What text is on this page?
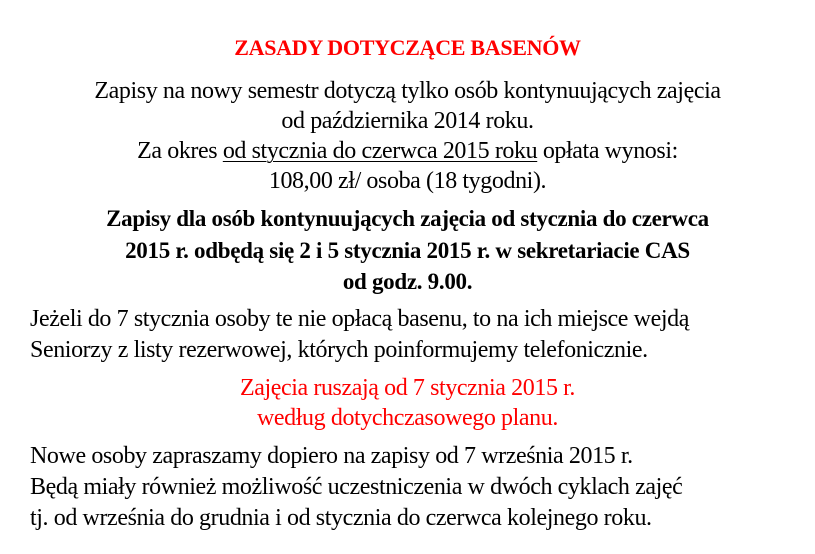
ZASADY DOTYCZĄCE BASENÓW
Zapisy na nowy semestr dotyczą tylko osób kontynuujących zajęcia
od października 2014 roku.
Za okres od stycznia do czerwca 2015 roku opłata wynosi:
108,00 zł/ osoba (18 tygodni).
Zapisy dla osób kontynuujących zajęcia od stycznia do czerwca
2015 r. odbędą się 2 i 5 stycznia 2015 r. w sekretariacie CAS
od godz. 9.00.
Jeżeli do 7 stycznia osoby te nie opłacą basenu, to na ich miejsce wejdą
Seniorzy z listy rezerwowej, których poinformujemy telefonicznie.
Zajęcia ruszają od 7 stycznia 2015 r.
według dotychczasowego planu.
Nowe osoby zapraszamy dopiero na zapisy od 7 września 2015 r.
Będą miały również możliwość uczestniczenia w dwóch cyklach zajęć
tj. od września do grudnia i od stycznia do czerwca kolejnego roku.
